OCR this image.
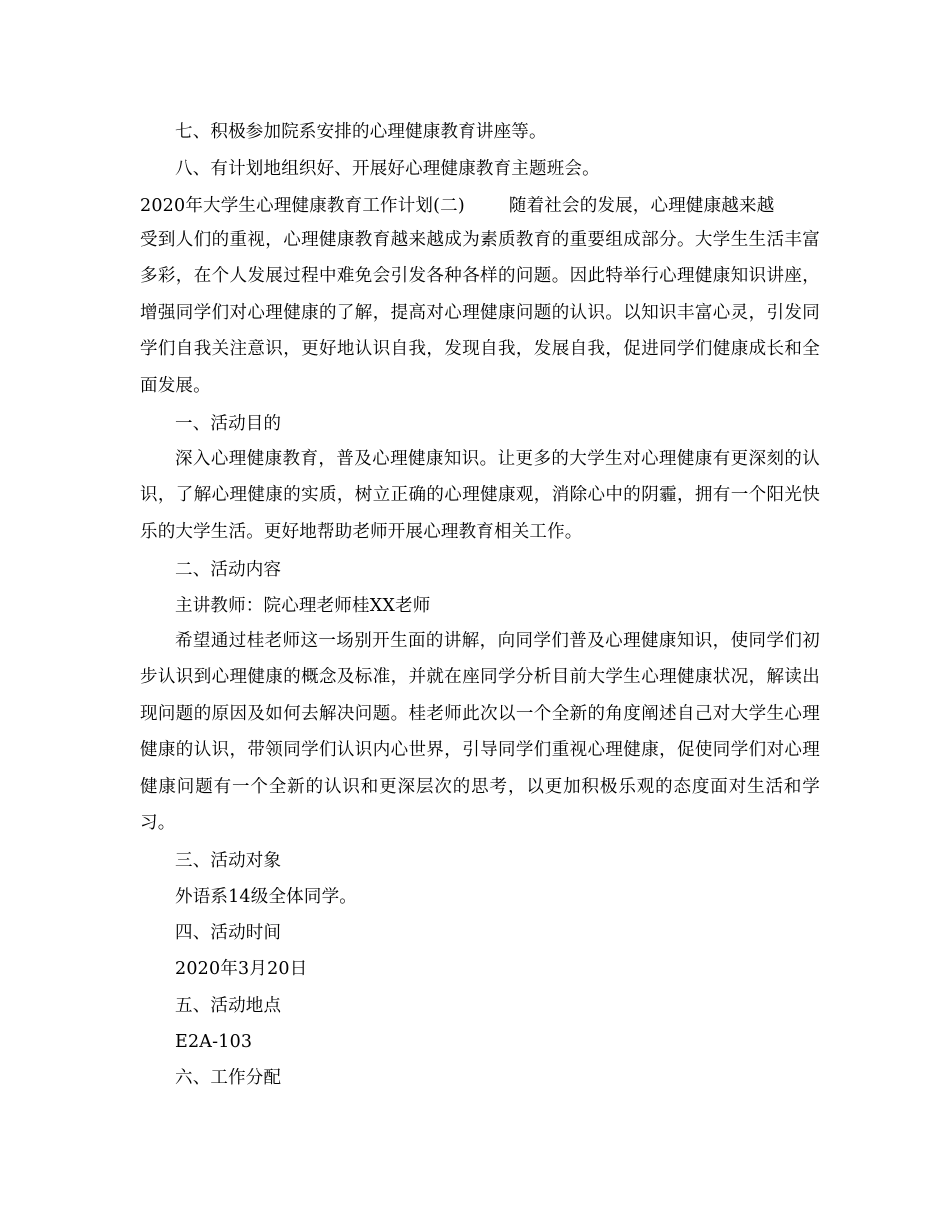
七、积极参加院系安排的心理健康教育讲座等。
八、有计划地组织好、开展好心理健康教育主题班会。
2020年大学生心理健康教育工作计划(二)	随着社会的发展，心理健康越来越
受到人们的重视，心理健康教育越来越成为素质教育的重要组成部分。大学生生活丰富多彩，在个人发展过程中难免会引发各种各样的问题。因此特举行心理健康知识讲座，增强同学们对心理健康的了解，提高对心理健康问题的认识。以知识丰富心灵，引发同学们自我关注意识，更好地认识自我，发现自我，发展自我，促进同学们健康成长和全面发展。
一、活动目的
深入心理健康教育，普及心理健康知识。让更多的大学生对心理健康有更深刻的认识，了解心理健康的实质，树立正确的心理健康观，消除心中的阴霾，拥有一个阳光快乐的大学生活。更好地帮助老师开展心理教育相关工作。
二、活动内容
主讲教师：院心理老师桂XX老师
希望通过桂老师这一场别开生面的讲解，向同学们普及心理健康知识，使同学们初步认识到心理健康的概念及标准，并就在座同学分析目前大学生心理健康状况，解读出现问题的原因及如何去解决问题。桂老师此次以一个全新的角度阐述自己对大学生心理健康的认识，带领同学们认识内心世界，引导同学们重视心理健康，促使同学们对心理健康问题有一个全新的认识和更深层次的思考，以更加积极乐观的态度面对生活和学习。
三、活动对象
外语系14级全体同学。
四、活动时间
2020年3月20日
五、活动地点
E2A-103
六、工作分配
